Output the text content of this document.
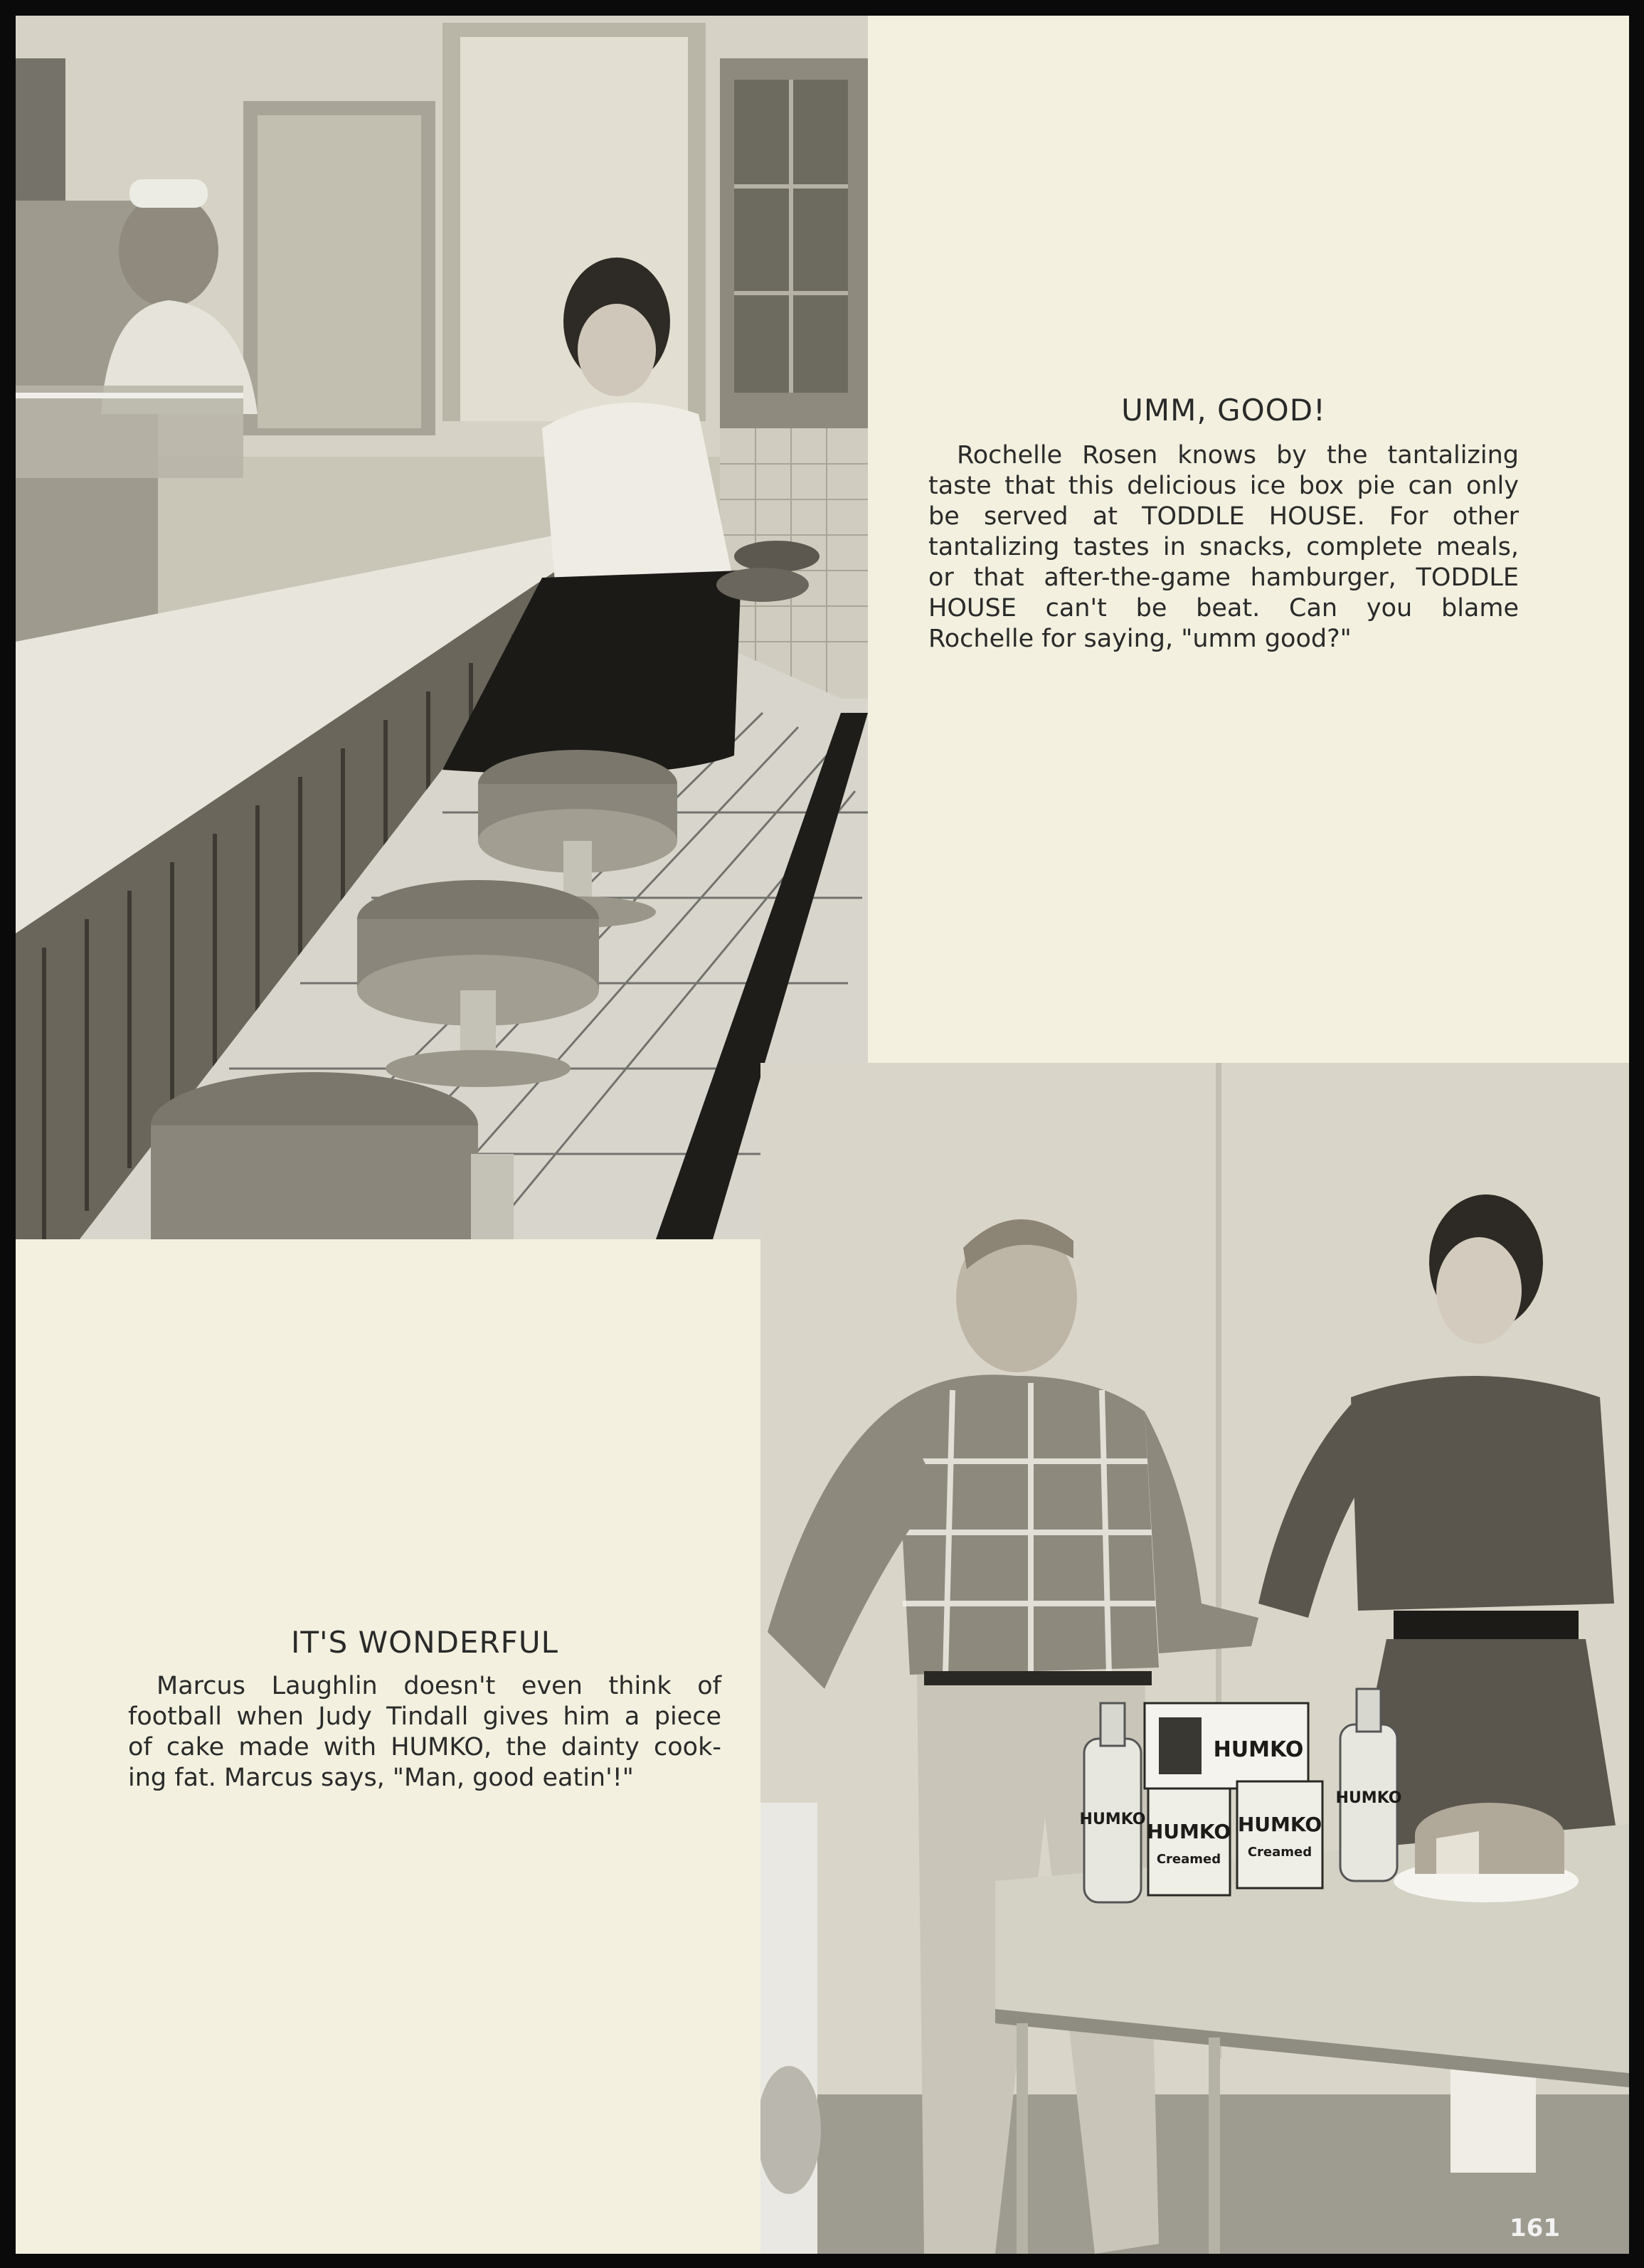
UMM, GOOD!

Rochelle Rosen knows by the tantalizing
taste that this delicious ice box pie can only
be served at TODDLE HOUSE. For other
tantalizing tastes in snacks, complete meals,
or that after-the-game hamburger, TODDLE
HOUSE can't be beat. Can you blame
Rochelle for saying, "umm good?"

HUMKO
HUMKO
HUMKO
Creamed
HUMKO
Creamed
HUMKO
IT'S WONDERFUL

Marcus Laughlin doesn't even think of
football when Judy Tindall gives him a piece
of cake made with HUMKO, the dainty cook-
ing fat. Marcus says, "Man, good eatin'!"

161
